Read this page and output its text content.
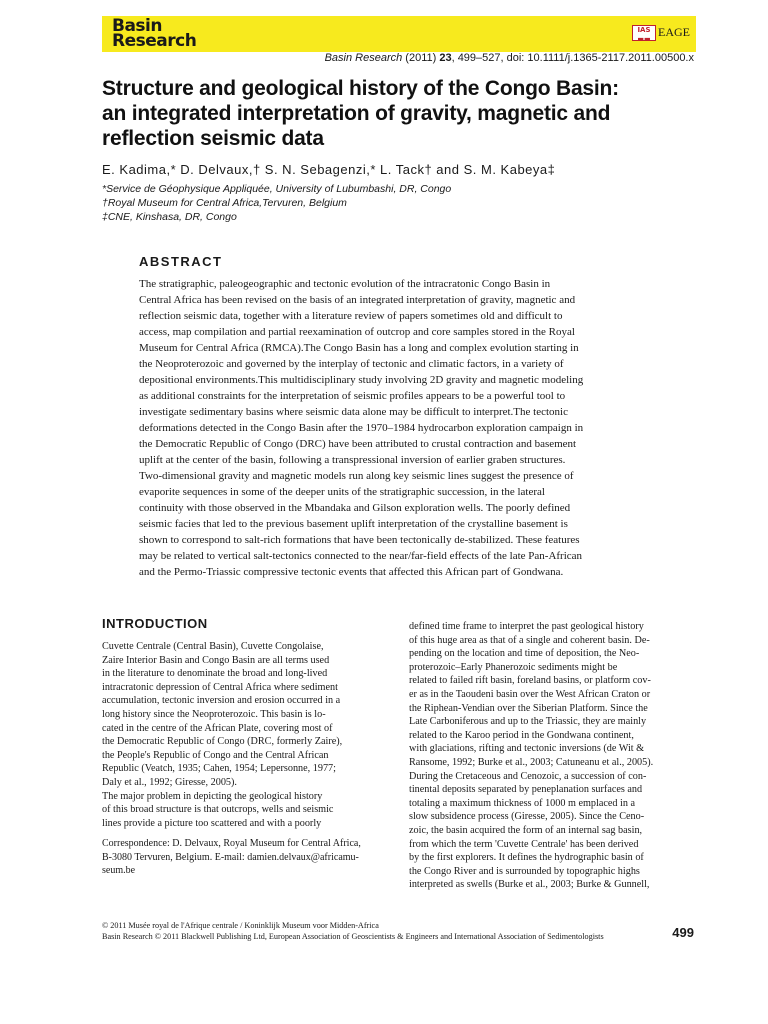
Basin
Research
IAS
▬▬ EAGE
Basin Research (2011) 23, 499–527, doi: 10.1111/j.1365-2117.2011.00500.x
Structure and geological history of the Congo Basin:
an integrated interpretation of gravity, magnetic and
reflection seismic data
E. Kadima,* D. Delvaux,† S. N. Sebagenzi,* L. Tack† and S. M. Kabeya‡
*Service de Géophysique Appliquée, University of Lubumbashi, DR, Congo
†Royal Museum for Central Africa,Tervuren, Belgium
‡CNE, Kinshasa, DR, Congo
ABSTRACT
The stratigraphic, paleogeographic and tectonic evolution of the intracratonic Congo Basin in
Central Africa has been revised on the basis of an integrated interpretation of gravity, magnetic and
reflection seismic data, together with a literature review of papers sometimes old and difficult to
access, map compilation and partial reexamination of outcrop and core samples stored in the Royal
Museum for Central Africa (RMCA).The Congo Basin has a long and complex evolution starting in
the Neoproterozoic and governed by the interplay of tectonic and climatic factors, in a variety of
depositional environments.This multidisciplinary study involving 2D gravity and magnetic modeling
as additional constraints for the interpretation of seismic profiles appears to be a powerful tool to
investigate sedimentary basins where seismic data alone may be difficult to interpret.The tectonic
deformations detected in the Congo Basin after the 1970–1984 hydrocarbon exploration campaign in
the Democratic Republic of Congo (DRC) have been attributed to crustal contraction and basement
uplift at the center of the basin, following a transpressional inversion of earlier graben structures.
Two-dimensional gravity and magnetic models run along key seismic lines suggest the presence of
evaporite sequences in some of the deeper units of the stratigraphic succession, in the lateral
continuity with those observed in the Mbandaka and Gilson exploration wells. The poorly defined
seismic facies that led to the previous basement uplift interpretation of the crystalline basement is
shown to correspond to salt-rich formations that have been tectonically de-stabilized. These features
may be related to vertical salt-tectonics connected to the near/far-field effects of the late Pan-African
and the Permo-Triassic compressive tectonic events that affected this African part of Gondwana.
INTRODUCTION
Cuvette Centrale (Central Basin), Cuvette Congolaise,
Zaire Interior Basin and Congo Basin are all terms used
in the literature to denominate the broad and long-lived
intracratonic depression of Central Africa where sediment
accumulation, tectonic inversion and erosion occurred in a
long history since the Neoproterozoic. This basin is lo-
cated in the centre of the African Plate, covering most of
the Democratic Republic of Congo (DRC, formerly Zaire),
the People's Republic of Congo and the Central African
Republic (Veatch, 1935; Cahen, 1954; Lepersonne, 1977;
Daly et al., 1992; Giresse, 2005).
The major problem in depicting the geological history
of this broad structure is that outcrops, wells and seismic
lines provide a picture too scattered and with a poorly
Correspondence: D. Delvaux, Royal Museum for Central Africa,
B-3080 Tervuren, Belgium. E-mail: damien.delvaux@africamu-
seum.be
defined time frame to interpret the past geological history
of this huge area as that of a single and coherent basin. De-
pending on the location and time of deposition, the Neo-
proterozoic–Early Phanerozoic sediments might be
related to failed rift basin, foreland basins, or platform cov-
er as in the Taoudeni basin over the West African Craton or
the Riphean-Vendian over the Siberian Platform. Since the
Late Carboniferous and up to the Triassic, they are mainly
related to the Karoo period in the Gondwana continent,
with glaciations, rifting and tectonic inversions (de Wit &
Ransome, 1992; Burke et al., 2003; Catuneanu et al., 2005).
During the Cretaceous and Cenozoic, a succession of con-
tinental deposits separated by peneplanation surfaces and
totaling a maximum thickness of 1000 m emplaced in a
slow subsidence process (Giresse, 2005). Since the Ceno-
zoic, the basin acquired the form of an internal sag basin,
from which the term 'Cuvette Centrale' has been derived
by the first explorers. It defines the hydrographic basin of
the Congo River and is surrounded by topographic highs
interpreted as swells (Burke et al., 2003; Burke & Gunnell,
© 2011 Musée royal de l'Afrique centrale / Koninklijk Museum voor Midden-Africa
Basin Research © 2011 Blackwell Publishing Ltd, European Association of Geoscientists & Engineers and International Association of Sedimentologists	499
